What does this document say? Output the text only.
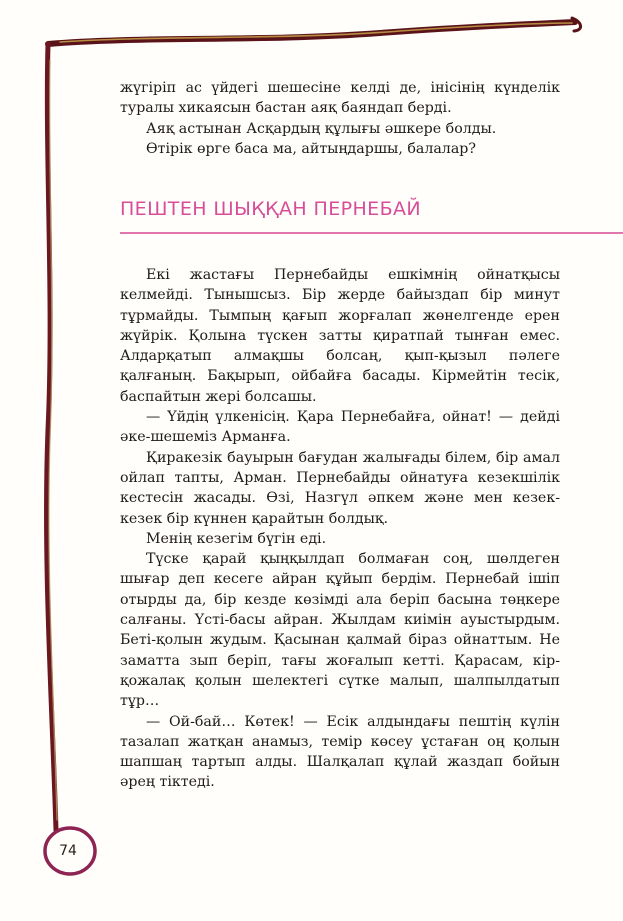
жүгіріп ас үйдегі шешесіне келді де, інісінің күнделік туралы хикаясын бастан аяқ баяндап берді.

Аяқ астынан Асқардың құлығы әшкере болды.

Өтірік өрге баса ма, айтыңдаршы, балалар?

ПЕШТЕН ШЫҚҚАН ПЕРНЕБАЙ

Екі жастағы Пернебайды ешкімнің ойнатқысы келмейді. Тынышсыз. Бір жерде байыздап бір минут тұрмайды. Тымпың қағып жорғалап жөнелгенде ерен жүйрік. Қолына түскен затты қиратпай тынған емес. Алдарқатып алмақшы болсаң, қып-қызыл пәлеге қалғаның. Бақырып, ойбайға басады. Кірмейтін тесік, баспайтын жері болсашы.

— Үйдің үлкенісің. Қара Пернебайға, ойнат! — дейді әке-шешеміз Арманға.

Қиракезік бауырын бағудан жалығады білем, бір амал ойлап тапты, Арман. Пернебайды ойнатуға кезекшілік кестесін жасады. Өзі, Назгүл әпкем және мен кезек-кезек бір күннен қарайтын болдық.

Менің кезегім бүгін еді.

Түске қарай қыңқылдап болмаған соң, шөлдеген шығар деп кесеге айран құйып бердім. Пернебай ішіп отырды да, бір кезде көзімді ала беріп басына төңкере салғаны. Үсті-басы айран. Жылдам киімін ауыстырдым. Беті-қолын жудым. Қасынан қалмай біраз ойнаттым. Не заматта зып беріп, тағы жоғалып кетті. Қарасам, кір-қожалақ қолын шелектегі сүтке малып, шалпылдатып тұр…

— Ой-бай… Көтек! — Есік алдындағы пештің күлін тазалап жатқан анамыз, темір көсеу ұстаған оң қолын шапшаң тартып алды. Шалқалап құлай жаздап бойын әрең тіктеді.

74
